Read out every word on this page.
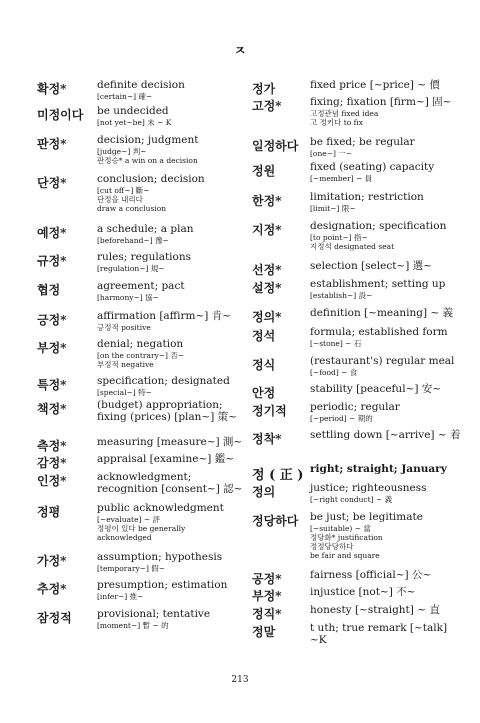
ㅈ
확정*	definite decision
[certain~] 確~
미정이다 be undecided
[not yet~be] 未 ~ K
판정*	decision; judgment
[judge~] 判~
판정승* a win on a decision
단정*	conclusion; decision
[cut off~] 斷~
단정을 내리다
draw a conclusion
예정*	a schedule; a plan
[beforehand~] 豫~
규정*	rules; regulations
[regulation~] 規~
협정	agreement; pact
[harmony~] 協~
긍정*	affirmation [affirm~] 肯~
긍정적 positive
부정*	denial; negation
[on the contrary~] 否~
부정적 negative
특정*	specification; designated
[special~] 特~
책정*	(budget) appropriation;
fixing (prices) [plan~] 策~
측정*	measuring [measure~] 測~
감정*	appraisal [examine~] 鑑~
인정*	acknowledgment;
recognition [consent~] 認~
정평	public acknowledgment
[~evaluate] ~ 評
정평이 있다 be generally
acknowledged
가정*	assumption; hypothesis
[temporary~] 假~
추정*	presumption; estimation
[infer~] 推~
잠정적 provisional; tentative
[moment~] 暫 ~ 的
정가	fixed price [~price] ~ 價
고정*	fixing; fixation [firm~] 固~
고정관념 fixed idea
고 정키다 to fix
일정하다 be fixed; be regular
[one~] 一~
정원	fixed (seating) capacity
[~member] ~ 員
한정*	limitation; restriction
[limit~] 限~
지정*	designation; specification
[to point~] 指~
지정석 designated seat
선정*	selection [select~] 選~
설정*	establishment; setting up
[establish~] 設~
정의*	definition [~meaning] ~ 義
정석	formula; established form
[~stone] ~ 石
정식	(restaurant's) regular meal
[~food] ~ 食
안정	stability [peaceful~] 安~
정기적 periodic; regular
[~period] ~ 期的
정착*	settling down [~arrive] ~ 着
정 ( 正 ) right; straight; January
정의	justice; righteousness
[~right conduct] ~ 義
정당하다 be just; be legitimate
[~suitable) ~ 當
정당화* justification
정정당당하다
be fair and square
공정*	fairness [official~] 公~
부정*	injustice [not~] 不~
정직*	honesty [~straight] ~ 直
정말	t uth; true remark [~talk] ~K
213
